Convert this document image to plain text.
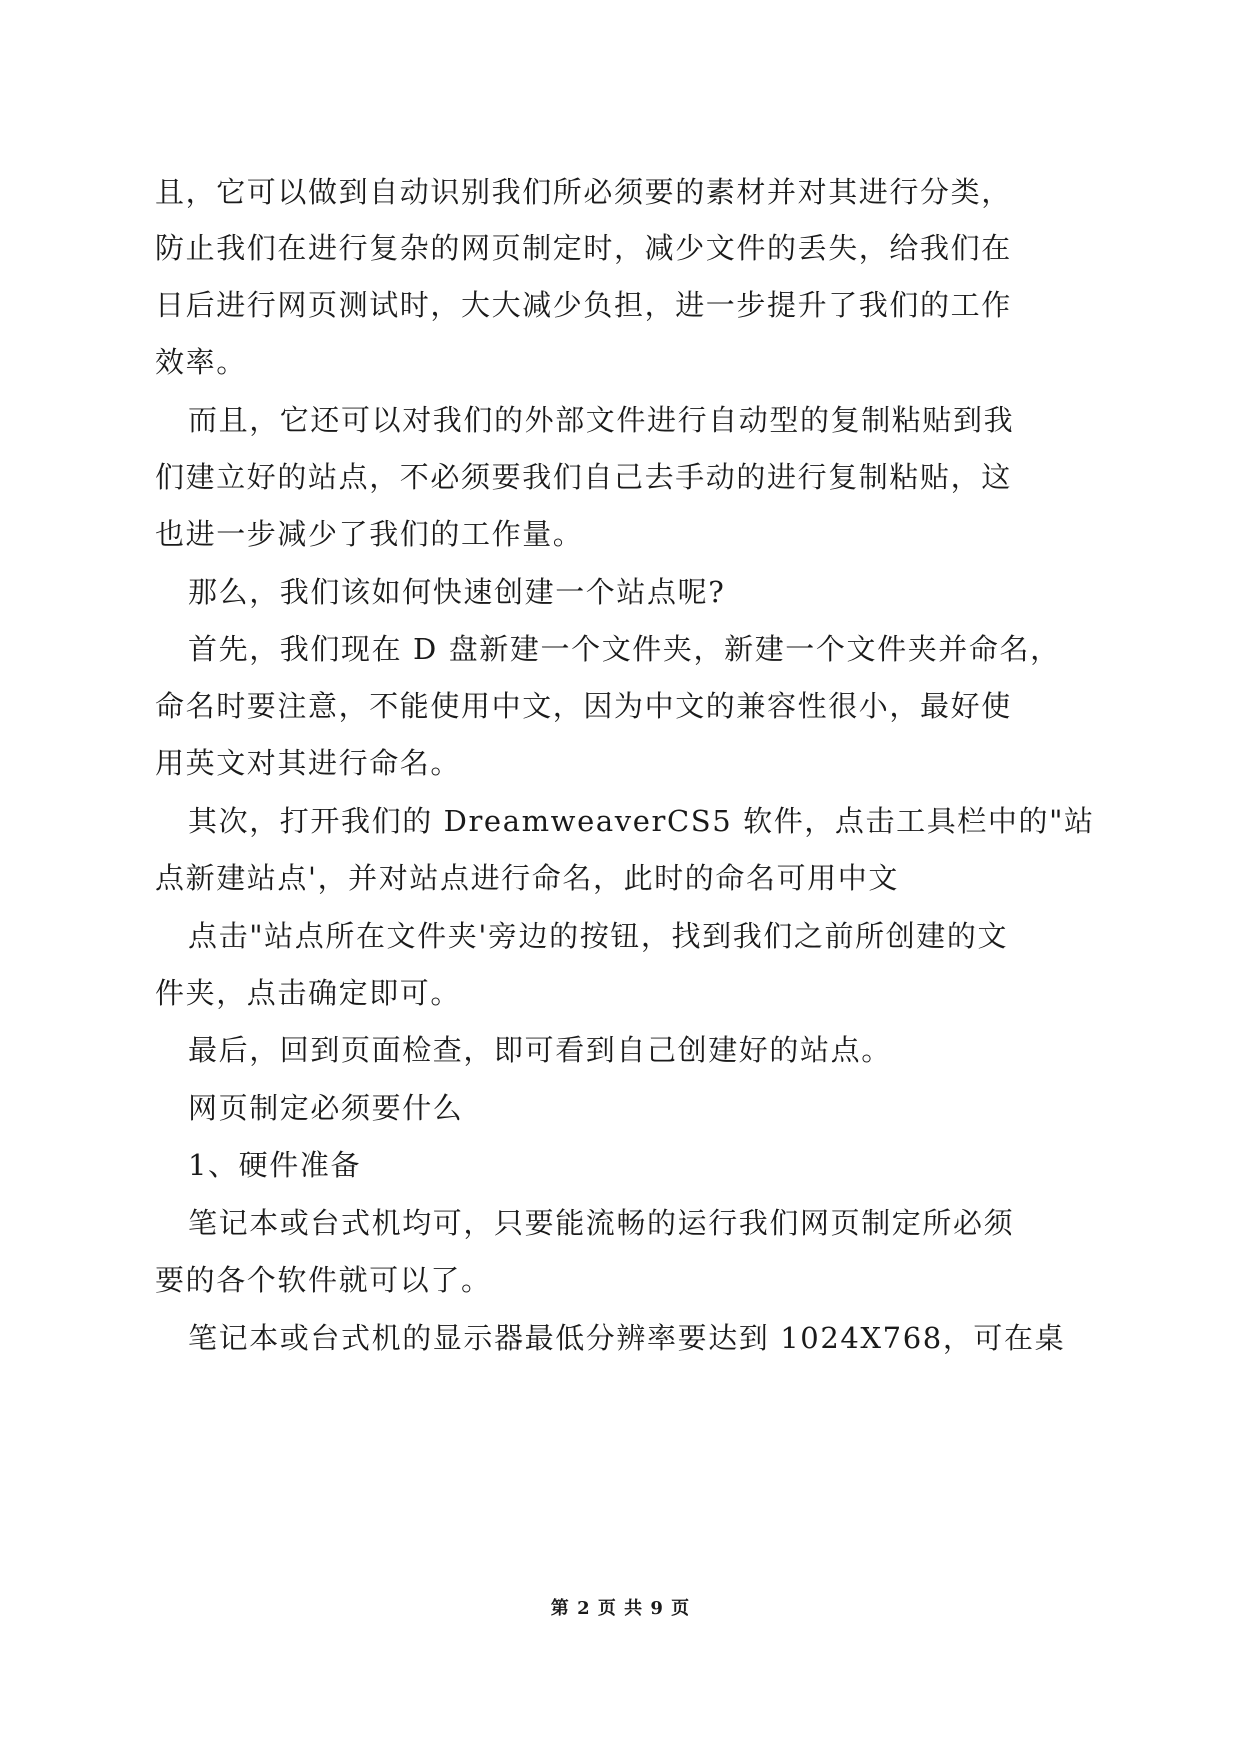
且，它可以做到自动识别我们所必须要的素材并对其进行分类，
防止我们在进行复杂的网页制定时，减少文件的丢失，给我们在
日后进行网页测试时，大大减少负担，进一步提升了我们的工作
效率。
而且，它还可以对我们的外部文件进行自动型的复制粘贴到我
们建立好的站点，不必须要我们自己去手动的进行复制粘贴，这
也进一步减少了我们的工作量。
那么，我们该如何快速创建一个站点呢?
首先，我们现在 D 盘新建一个文件夹，新建一个文件夹并命名，
命名时要注意，不能使用中文，因为中文的兼容性很小，最好使
用英文对其进行命名。
其次，打开我们的 DreamweaverCS5 软件，点击工具栏中的"站
点新建站点'，并对站点进行命名，此时的命名可用中文
点击"站点所在文件夹'旁边的按钮，找到我们之前所创建的文
件夹，点击确定即可。
最后，回到页面检查，即可看到自己创建好的站点。
网页制定必须要什么
1、硬件准备
笔记本或台式机均可，只要能流畅的运行我们网页制定所必须
要的各个软件就可以了。
笔记本或台式机的显示器最低分辨率要达到 1024X768，可在桌
第 2 页 共 9 页
